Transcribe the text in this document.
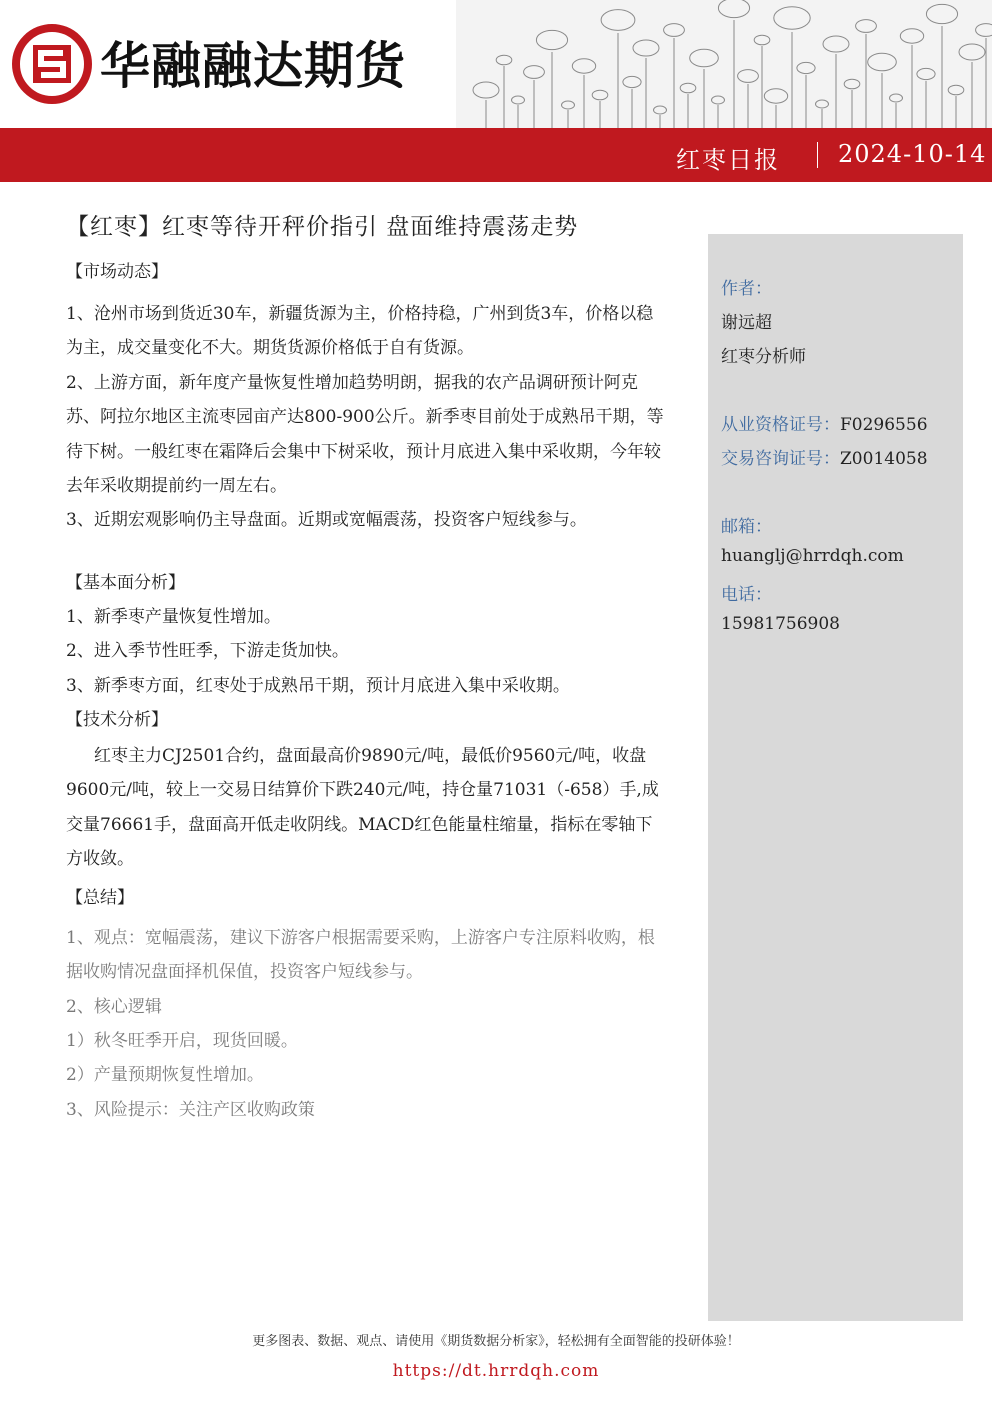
华融融达期货
红枣日报 2024-10-14
【红枣】红枣等待开秤价指引 盘面维持震荡走势
【市场动态】

1、沧州市场到货近30车，新疆货源为主，价格持稳，广州到货3车，价格以稳为主，成交量变化不大。期货货源价格低于自有货源。

2、上游方面，新年度产量恢复性增加趋势明朗，据我的农产品调研预计阿克苏、阿拉尔地区主流枣园亩产达800-900公斤。新季枣目前处于成熟吊干期，等待下树。一般红枣在霜降后会集中下树采收，预计月底进入集中采收期，今年较去年采收期提前约一周左右。

3、近期宏观影响仍主导盘面。近期或宽幅震荡，投资客户短线参与。

【基本面分析】

1、新季枣产量恢复性增加。

2、进入季节性旺季，下游走货加快。

3、新季枣方面，红枣处于成熟吊干期，预计月底进入集中采收期。

【技术分析】

红枣主力CJ2501合约，盘面最高价9890元/吨，最低价9560元/吨，收盘9600元/吨，较上一交易日结算价下跌240元/吨，持仓量71031（-658）手,成交量76661手，盘面高开低走收阴线。MACD红色能量柱缩量，指标在零轴下方收敛。

【总结】

1、观点：宽幅震荡，建议下游客户根据需要采购，上游客户专注原料收购，根据收购情况盘面择机保值，投资客户短线参与。

2、核心逻辑

1）秋冬旺季开启，现货回暖。

2）产量预期恢复性增加。

3、风险提示：关注产区收购政策

作者：
谢远超
红枣分析师
从业资格证号：F0296556
交易咨询证号：Z0014058
邮箱：
huanglj@hrrdqh.com
电话：
15981756908
更多图表、数据、观点、请使用《期货数据分析家》，轻松拥有全面智能的投研体验！
https://dt.hrrdqh.com
